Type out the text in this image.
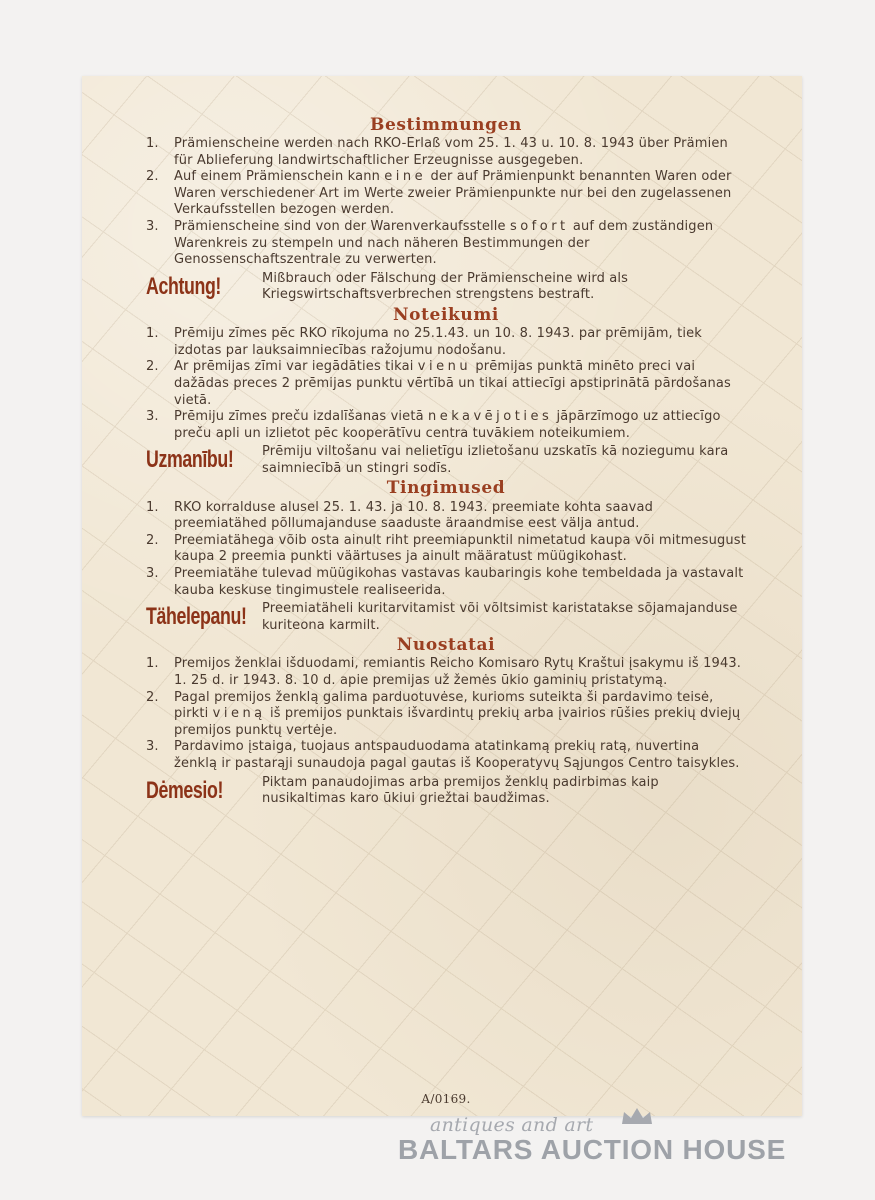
Bestimmungen
1.	Prämienscheine werden nach RKO-Erlaß vom 25. 1. 43 u. 10. 8. 1943 über Prämien für Ablieferung landwirtschaftlicher Erzeugnisse ausgegeben.
2.	Auf einem Prämienschein kann eine der auf Prämienpunkt benannten Waren oder Waren verschiedener Art im Werte zweier Prämienpunkte nur bei den zugelassenen Verkaufsstellen bezogen werden.
3.	Prämienscheine sind von der Warenverkaufsstelle sofort auf dem zuständigen Warenkreis zu stempeln und nach näheren Bestimmungen der Genossenschaftszentrale zu verwerten.
Achtung!	Mißbrauch oder Fälschung der Prämienscheine wird als Kriegswirtschaftsverbrechen strengstens bestraft.
Noteikumi
1.	Prēmiju zīmes pēc RKO rīkojuma no 25.1.43. un 10. 8. 1943. par prēmijām, tiek izdotas par lauksaimniecības ražojumu nodošanu.
2.	Ar prēmijas zīmi var iegādāties tikai vienu prēmijas punktā minēto preci vai dažādas preces 2 prēmijas punktu vērtībā un tikai attiecīgi apstiprinātā pārdošanas vietā.
3.	Prēmiju zīmes preču izdalīšanas vietā nekavējoties jāpārzīmogo uz attiecīgo preču apli un izlietot pēc kooperātīvu centra tuvākiem noteikumiem.
Uzmanību! Prēmiju viltošanu vai nelietīgu izlietošanu uzskatīs kā noziegumu kara saimniecībā un stingri sodīs.
Tingimused
1.	RKO korralduse alusel 25. 1. 43. ja 10. 8. 1943. preemiate kohta saavad preemiatähed põllumajanduse saaduste äraandmise eest välja antud.
2.	Preemiatähega võib osta ainult riht preemiapunktil nimetatud kaupa või mitmesugust kaupa 2 preemia punkti väärtuses ja ainult määratust müügikohast.
3.	Preemiatähe tulevad müügikohas vastavas kaubaringis kohe tembeldada ja vastavalt kauba keskuse tingimustele realiseerida.
Tähelepanu! Preemiatäheli kuritarvitamist või võltsimist karistatakse sõjamajanduse kuriteona karmilt.
Nuostatai
1.	Premijos ženklai išduodami, remiantis Reicho Komisaro Rytų Kraštui įsakymu iš 1943. 1. 25 d. ir 1943. 8. 10 d. apie premijas už žemės ūkio gaminių pristatymą.
2.	Pagal premijos ženklą galima parduotuvėse, kurioms suteikta ši pardavimo teisė, pirkti vieną iš premijos punktais išvardintų prekių arba įvairios rūšies prekių dviejų premijos punktų vertėje.
3.	Pardavimo įstaiga, tuojaus antspauduodama atatinkamą prekių ratą, nuvertina ženklą ir pastarąji sunaudoja pagal gautas iš Kooperatyvų Sąjungos Centro taisykles.
Dėmesio!	Piktam panaudojimas arba premijos ženklų padirbimas kaip nusikaltimas karo ūkiui griežtai baudžimas.
A/0169.
antiques and art
BALTARS AUCTION HOUSE
